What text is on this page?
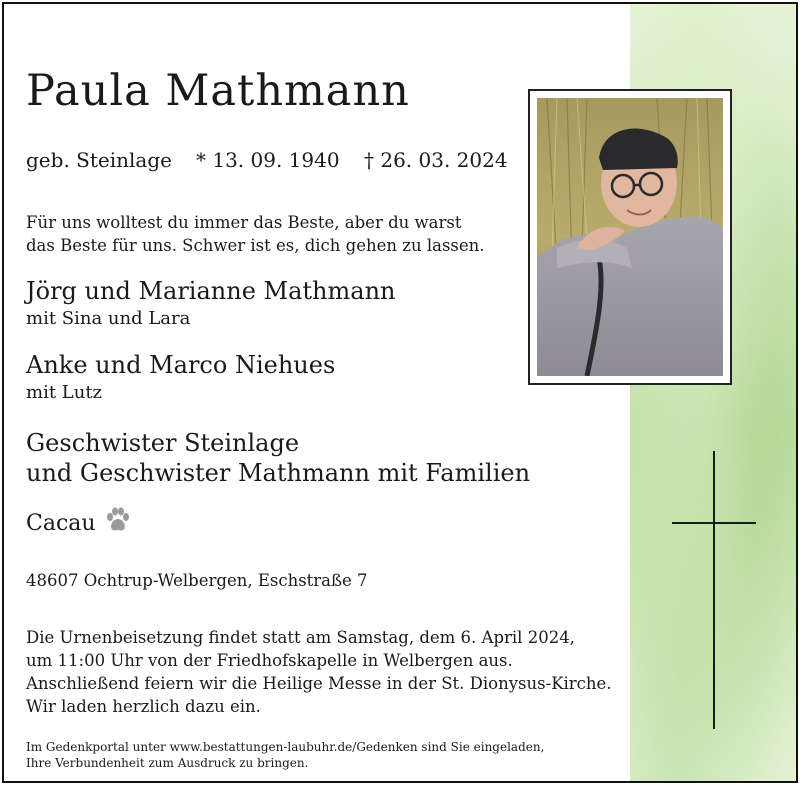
Paula Mathmann
geb. Steinlage * 13. 09. 1940 † 26. 03. 2024

Für uns wolltest du immer das Beste, aber du warst
das Beste für uns. Schwer ist es, dich gehen zu lassen.

Jörg und Marianne Mathmann
mit Sina und Lara
Anke und Marco Niehues
mit Lutz
Geschwister Steinlage
und Geschwister Mathmann mit Familien
Cacau
48607 Ochtrup-Welbergen, Eschstraße 7

Die Urnenbeisetzung findet statt am Samstag, dem 6. April 2024,
um 11:00 Uhr von der Friedhofskapelle in Welbergen aus.
Anschließend feiern wir die Heilige Messe in der St. Dionysus-Kirche.
Wir laden herzlich dazu ein.

Im Gedenkportal unter www.bestattungen-laubuhr.de/Gedenken sind Sie eingeladen,
Ihre Verbundenheit zum Ausdruck zu bringen.
